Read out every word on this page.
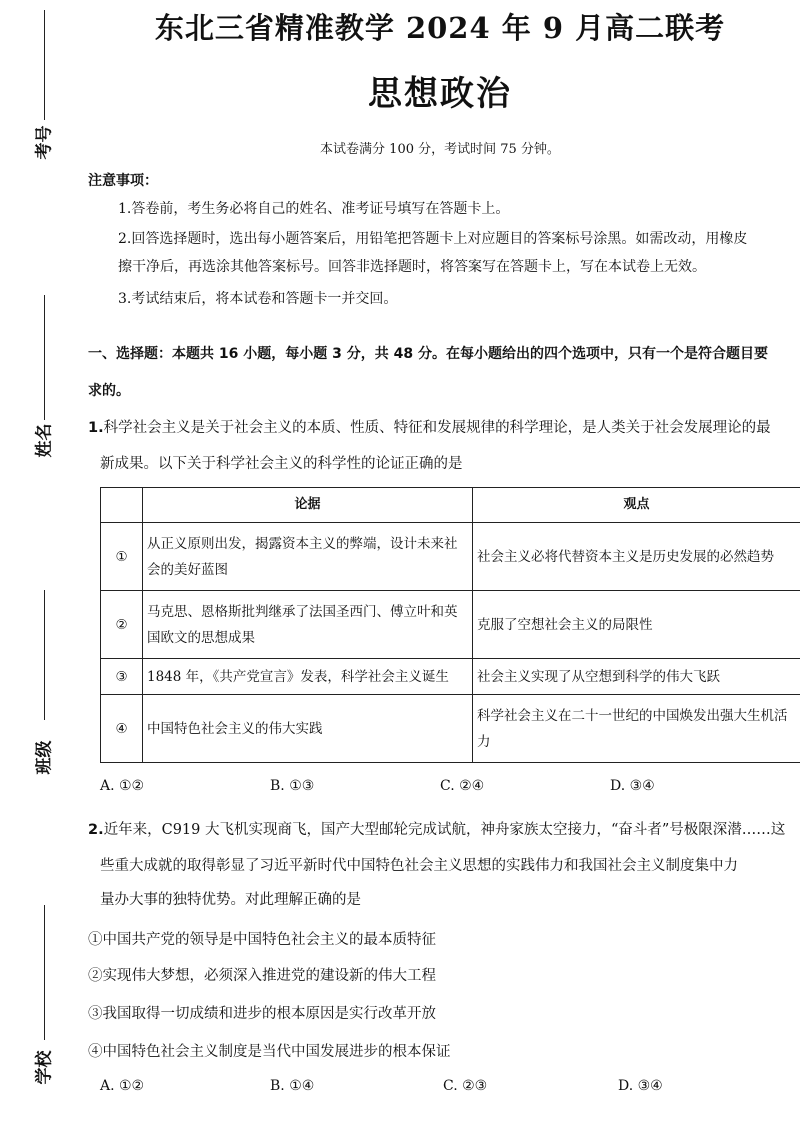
考号
姓名
班级
学校
东北三省精准教学 2024 年 9 月高二联考
思想政治
本试卷满分 100 分，考试时间 75 分钟。
注意事项：
1.答卷前，考生务必将自己的姓名、准考证号填写在答题卡上。
2.回答选择题时，选出每小题答案后，用铅笔把答题卡上对应题目的答案标号涂黑。如需改动，用橡皮
擦干净后，再选涂其他答案标号。回答非选择题时，将答案写在答题卡上，写在本试卷上无效。
3.考试结束后，将本试卷和答题卡一并交回。
一、选择题：本题共 16 小题，每小题 3 分，共 48 分。在每小题给出的四个选项中，只有一个是符合题目要
求的。
1.科学社会主义是关于社会主义的本质、性质、特征和发展规律的科学理论，是人类关于社会发展理论的最
新成果。以下关于科学社会主义的科学性的论证正确的是
	论据	观点
①	从正义原则出发，揭露资本主义的弊端，设计未来社会的美好蓝图	社会主义必将代替资本主义是历史发展的必然趋势
②	马克思、恩格斯批判继承了法国圣西门、傅立叶和英国欧文的思想成果	克服了空想社会主义的局限性
③	1848 年，《共产党宣言》发表，科学社会主义诞生	社会主义实现了从空想到科学的伟大飞跃
④	中国特色社会主义的伟大实践	科学社会主义在二十一世纪的中国焕发出强大生机活力
A. ①②	B. ①③	C. ②④	D. ③④
2.近年来，C919 大飞机实现商飞，国产大型邮轮完成试航，神舟家族太空接力，“奋斗者”号极限深潜……这
些重大成就的取得彰显了习近平新时代中国特色社会主义思想的实践伟力和我国社会主义制度集中力
量办大事的独特优势。对此理解正确的是
①中国共产党的领导是中国特色社会主义的最本质特征
②实现伟大梦想，必须深入推进党的建设新的伟大工程
③我国取得一切成绩和进步的根本原因是实行改革开放
④中国特色社会主义制度是当代中国发展进步的根本保证
A. ①②	B. ①④	C. ②③	D. ③④
